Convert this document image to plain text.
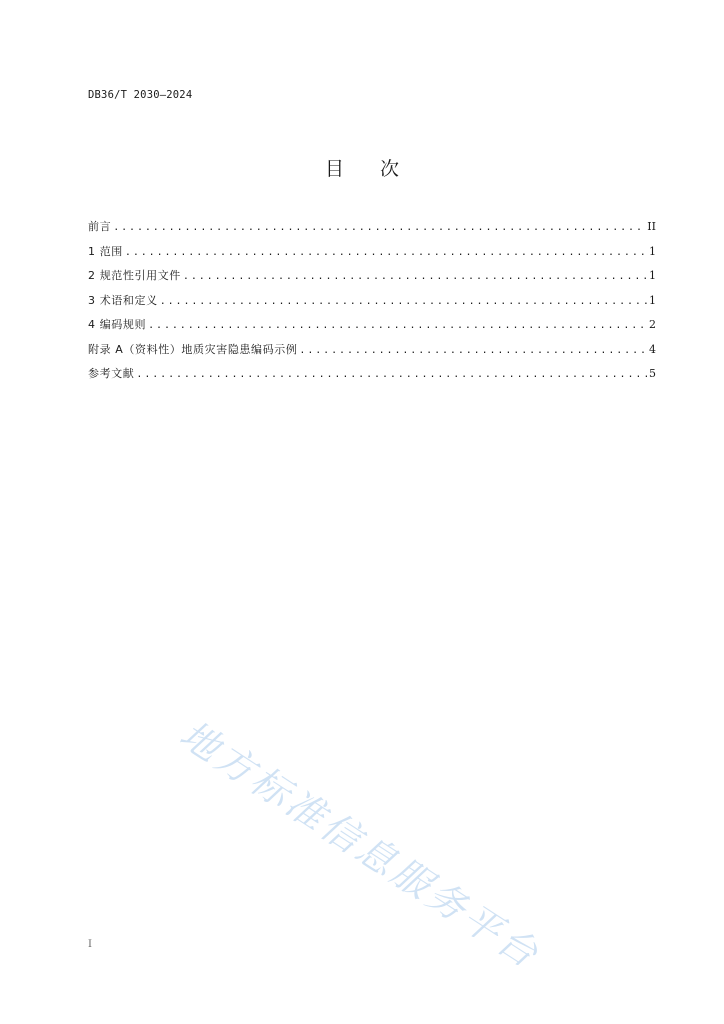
DB36/T 2030—2024
目 次
前言 .....	II
1 范围 .....	1
2 规范性引用文件 .....	1
3 术语和定义 .....	1
4 编码规则 .....	2
附录 A（资料性）地质灾害隐患编码示例 .....	4
参考文献 .....	5
地方标准信息服务平台
I
